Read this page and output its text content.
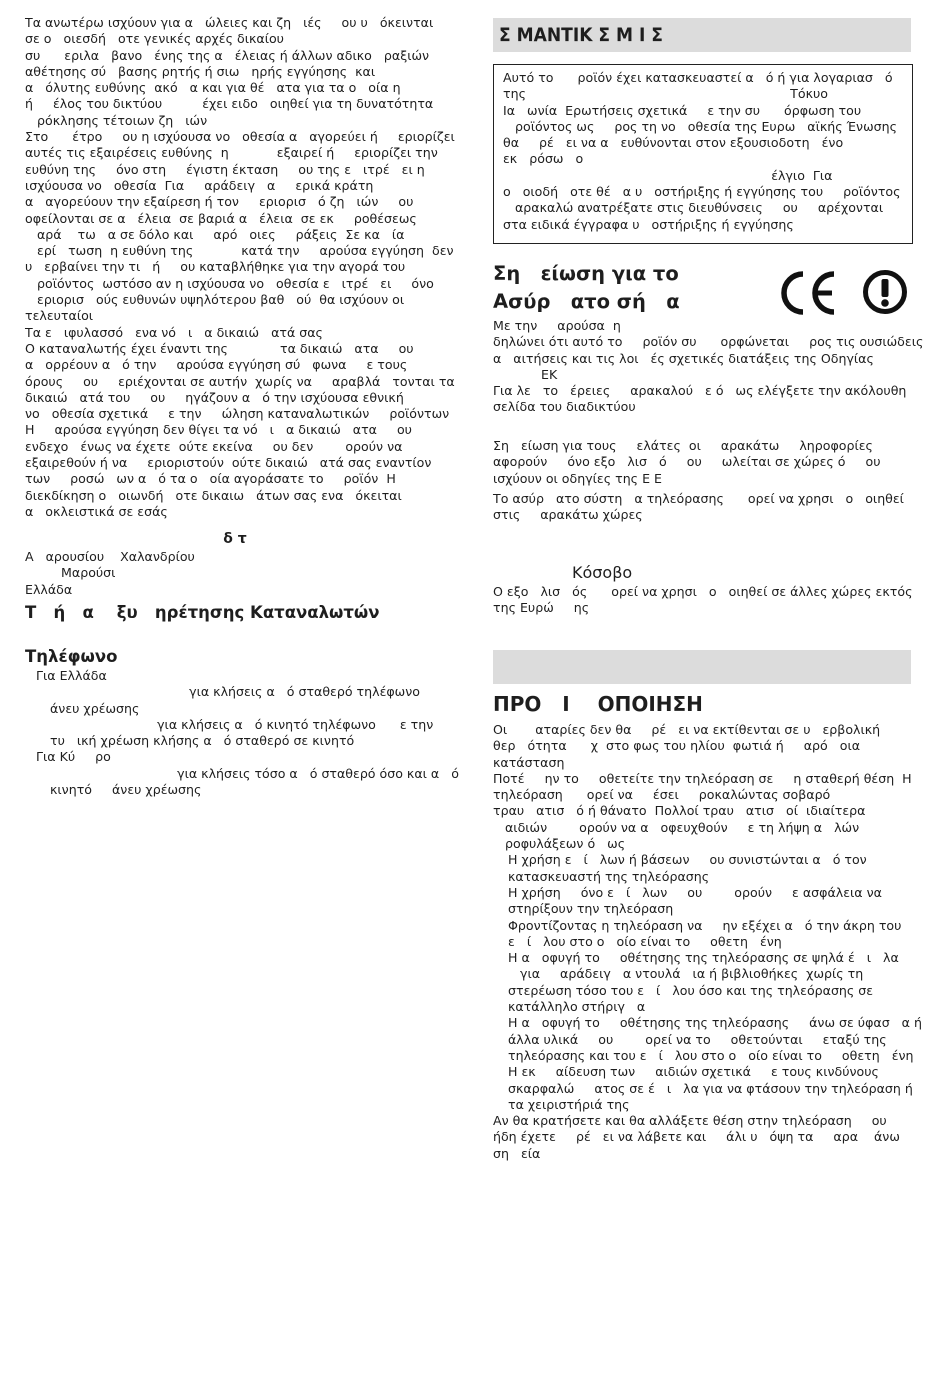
Τα ανωτέρω ισχύουν για α   ώλειες και ζη   ιές     ου υ   όκεινται
σε ο   οιεσδή   οτε γενικές αρχές δικαίου
συ      εριλα   βανο   ένης της α   έλειας ή άλλων αδικο   ραξιών
αθέτησης σύ   βασης ρητής ή σιω   ηρής εγγύησης  και
α   όλυτης ευθύνης  ακό   α και για θέ   ατα για τα ο   οία η
ή     έλος του δικτύου          έχει ειδο   οιηθεί για τη δυνατότητα
ρόκλησης τέτοιων ζη   ιών
Στο      έτρο     ου η ισχύουσα νο   οθεσία α   αγορεύει ή     εριορίζει
αυτές τις εξαιρέσεις ευθύνης  η            εξαιρεί ή     εριορίζει την
ευθύνη της     όνο στη     έγιστη έκταση     ου της ε   ιτρέ   ει η
ισχύουσα νο   οθεσία  Για     αράδειγ   α     ερικά κράτη
α   αγορεύουν την εξαίρεση ή τον     εριορισ   ό ζη   ιών     ου
οφείλονται σε α   έλεια  σε βαριά α   έλεια  σε εκ     ροθέσεως
αρά    τω   α σε δόλο και     αρό   οιες     ράξεις  Σε κα   ία
ερί   τωση  η ευθύνη της            κατά την     αρούσα εγγύηση  δεν
υ   ερβαίνει την τι   ή     ου καταβλήθηκε για την αγορά του
ροϊόντος  ωστόσο αν η ισχύουσα νο   οθεσία ε   ιτρέ   ει     όνο
εριορισ   ούς ευθυνών υψηλότερου βαθ   ού  θα ισχύουν οι
τελευταίοι
Τα ε   ιφυλασσό   ενα νό   ι   α δικαιώ   ατά σας
Ο καταναλωτής έχει έναντι της             τα δικαιώ   ατα     ου
α   ορρέουν α   ό την     αρούσα εγγύηση σύ   φωνα     ε τους
όρους     ου     εριέχονται σε αυτήν  χωρίς να     αραβλά   τονται τα
δικαιώ   ατά του     ου     ηγάζουν α   ό την ισχύουσα εθνική
νο   οθεσία σχετικά     ε την     ώληση καταναλωτικών     ροϊόντων
Η     αρούσα εγγύηση δεν θίγει τα νό   ι   α δικαιώ   ατα     ου
ενδεχο   ένως να έχετε  ούτε εκείνα     ου δεν        ορούν να
εξαιρεθούν ή να     εριοριστούν  ούτε δικαιώ   ατά σας εναντίον
των     ροσώ   ων α   ό τα ο   οία αγοράσατε το     ροϊόν  Η
διεκδίκηση ο   οιωνδή   οτε δικαιω   άτων σας ενα   όκειται
α   οκλειστικά σε εσάς
δ τ
Α   αρουσίου    Χαλανδρίου
Μαρούσι
Ελλάδα
Τ   ή   α    ξυ   ηρέτησης Καταναλωτών
Τηλέφωνο
Για Ελλάδα
για κλήσεις α   ό σταθερό τηλέφωνο
άνευ χρέωσης
για κλήσεις α   ό κινητό τηλέφωνο      ε την
τυ   ική χρέωση κλήσης α   ό σταθερό σε κινητό
Για Κύ     ρο
για κλήσεις τόσο α   ό σταθερό όσο και α   ό
κινητό     άνευ χρέωσης
Σ ΜΑΝΤΙΚ Σ Μ Ι Σ
Αυτό το      ροϊόν έχει κατασκευαστεί α   ό ή για λογαριασ   ό
της                                                                  Τόκυο
Ια   ωνία  Ερωτήσεις σχετικά     ε την συ      όρφωση του
ροϊόντος ως     ρος τη νο   οθεσία της Ευρω   αϊκής Ένωσης
θα     ρέ   ει να α   ευθύνονται στον εξουσιοδοτη   ένο
εκ   ρόσω   ο
έλγιο  Για
ο   οιοδή   οτε θέ   α υ   οστήριξης ή εγγύησης του     ροϊόντος
αρακαλώ ανατρέξατε στις διευθύνσεις     ου     αρέχονται
στα ειδικά έγγραφα υ   οστήριξης ή εγγύησης
Ση   είωση για το
Ασύρ   ατο σή   α
Με την     αρούσα  η
δηλώνει ότι αυτό το     ροϊόν συ      ορφώνεται     ρος τις ουσιώδεις
α   αιτήσεις και τις λοι   ές σχετικές διατάξεις της Οδηγίας
ΕΚ
Για λε   το   έρειες     αρακαλού   ε ό   ως ελέγξετε την ακόλουθη
σελίδα του διαδικτύου
Ση   είωση για τους     ελάτες  οι     αρακάτω     ληροφορίες
αφορούν     όνο εξο   λισ   ό     ου     ωλείται σε χώρες ό     ου
ισχύουν οι οδηγίες της Ε Ε
Το ασύρ   ατο σύστη   α τηλεόρασης      ορεί να χρησι   ο   οιηθεί
στις     αρακάτω χώρες
Κόσοβο
Ο εξο   λισ   ός      ορεί να χρησι   ο   οιηθεί σε άλλες χώρες εκτός
της Ευρώ     ης
ΠΡΟ   Ι    ΟΠΟΙΗΣΗ
Οι       αταρίες δεν θα     ρέ   ει να εκτίθενται σε υ   ερβολική
θερ   ότητα      χ  στο φως του ηλίου  φωτιά ή     αρό   οια
κατάσταση
Ποτέ     ην το     οθετείτε την τηλεόραση σε     η σταθερή θέση  Η
τηλεόραση      ορεί να     έσει     ροκαλώντας σοβαρό
τραυ   ατισ   ό ή θάνατο  Πολλοί τραυ   ατισ   οί  ιδιαίτερα
αιδιών        ορούν να α   οφευχθούν     ε τη λήψη α   λών
ροφυλάξεων ό   ως
Η χρήση ε   ί   λων ή βάσεων     ου συνιστώνται α   ό τον
κατασκευαστή της τηλεόρασης
Η χρήση     όνο ε   ί   λων     ου        ορούν     ε ασφάλεια να
στηρίξουν την τηλεόραση
Φροντίζοντας η τηλεόραση να     ην εξέχει α   ό την άκρη του
ε   ί   λου στο ο   οίο είναι το     οθετη   ένη
Η α   οφυγή το     οθέτησης της τηλεόρασης σε ψηλά έ   ι   λα
για     αράδειγ   α ντουλά   ια ή βιβλιοθήκες  χωρίς τη
στερέωση τόσο του ε   ί   λου όσο και της τηλεόρασης σε
κατάλληλο στήριγ   α
Η α   οφυγή το     οθέτησης της τηλεόρασης     άνω σε ύφασ   α ή
άλλα υλικά     ου        ορεί να το     οθετούνται     εταξύ της
τηλεόρασης και του ε   ί   λου στο ο   οίο είναι το     οθετη   ένη
Η εκ     αίδευση των     αιδιών σχετικά     ε τους κινδύνους
σκαρφαλώ     ατος σε έ   ι   λα για να φτάσουν την τηλεόραση ή
τα χειριστήριά της
Αν θα κρατήσετε και θα αλλάξετε θέση στην τηλεόραση     ου
ήδη έχετε     ρέ   ει να λάβετε και     άλι υ   όψη τα     αρα    άνω
ση   εία
